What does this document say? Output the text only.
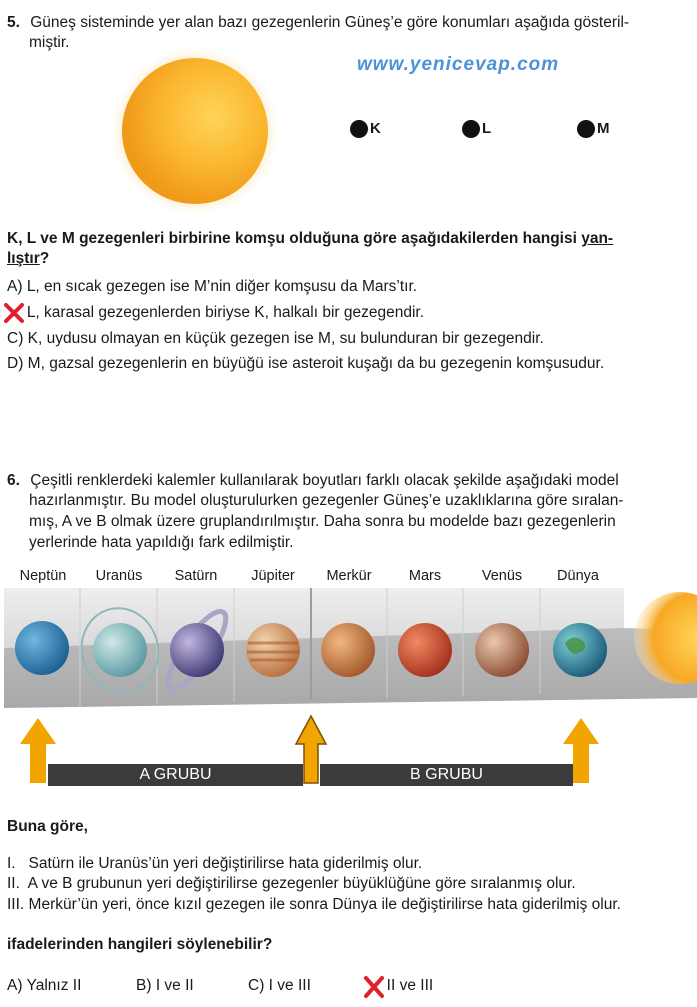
5. Güneş sisteminde yer alan bazı gezegenlerin Güneş’e göre konumları aşağıda gösteril-
miştir.
www.yenicevap.com
K	L	M
K, L ve M gezegenleri birbirine komşu olduğuna göre aşağıdakilerden hangisi yan-
lıştır?
A) L, en sıcak gezegen ise M’nin diğer komşusu da Mars’tır.
L, karasal gezegenlerden biriyse K, halkalı bir gezegendir.
C) K, uydusu olmayan en küçük gezegen ise M, su bulunduran bir gezegendir.
D) M, gazsal gezegenlerin en büyüğü ise asteroit kuşağı da bu gezegenin komşusudur.
6. Çeşitli renklerdeki kalemler kullanılarak boyutları farklı olacak şekilde aşağıdaki model
hazırlanmıştır. Bu model oluşturulurken gezegenler Güneş’e uzaklıklarına göre sıralan-
mış, A ve B olmak üzere gruplandırılmıştır. Daha sonra bu modelde bazı gezegenlerin
yerlerinde hata yapıldığı fark edilmiştir.
Neptün	Uranüs	Satürn	Jüpiter	Merkür	Mars	Venüs	Dünya
A GRUBU	B GRUBU
Buna göre,
I.   Satürn ile Uranüs’ün yeri değiştirilirse hata giderilmiş olur.
II.  A ve B grubunun yeri değiştirilirse gezegenler büyüklüğüne göre sıralanmış olur.
III. Merkür’ün yeri, önce kızıl gezegen ile sonra Dünya ile değiştirilirse hata giderilmiş olur.
ifadelerinden hangileri söylenebilir?
A) Yalnız II	B) I ve II	C) I ve III	II ve III
